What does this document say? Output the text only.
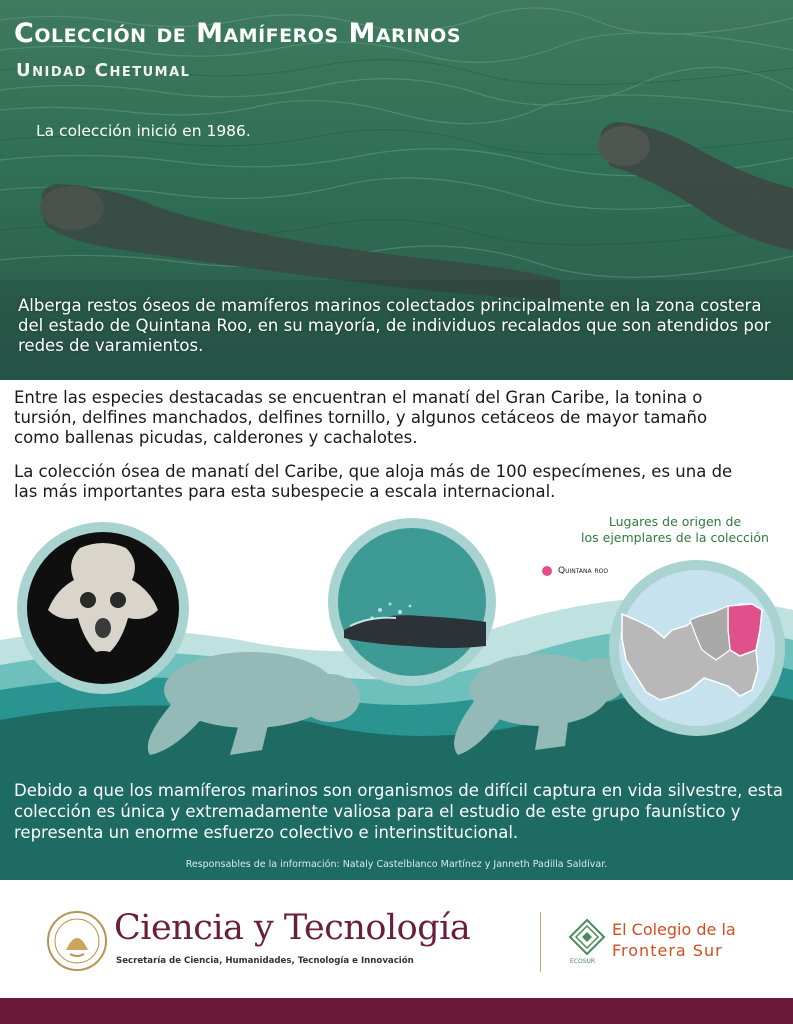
Colección de Mamíferos Marinos
Unidad Chetumal

La colección inició en 1986.

Alberga restos óseos de mamíferos marinos colectados principalmente en la zona costera del estado de Quintana Roo, en su mayoría, de individuos recalados que son atendidos por redes de varamientos.

Entre las especies destacadas se encuentran el manatí del Gran Caribe, la tonina o tursión, delfines manchados, delfines tornillo, y algunos cetáceos de mayor tamaño como ballenas picudas, calderones y cachalotes.

La colección ósea de manatí del Caribe, que aloja más de 100 especímenes, es una de las más importantes para esta subespecie a escala internacional.

Lugares de origen de
los ejemplares de la colección

Quintana roo

Debido a que los mamíferos marinos son organismos de difícil captura en vida silvestre, esta colección es única y extremadamente valiosa para el estudio de este grupo faunístico y representa un enorme esfuerzo colectivo e interinstitucional.

Responsables de la información: Nataly Castelblanco Martínez y Janneth Padilla Saldívar.

Ciencia y Tecnología

Secretaría de Ciencia, Humanidades, Tecnología e Innovación	ECOSUR

El Colegio de la

Frontera Sur
